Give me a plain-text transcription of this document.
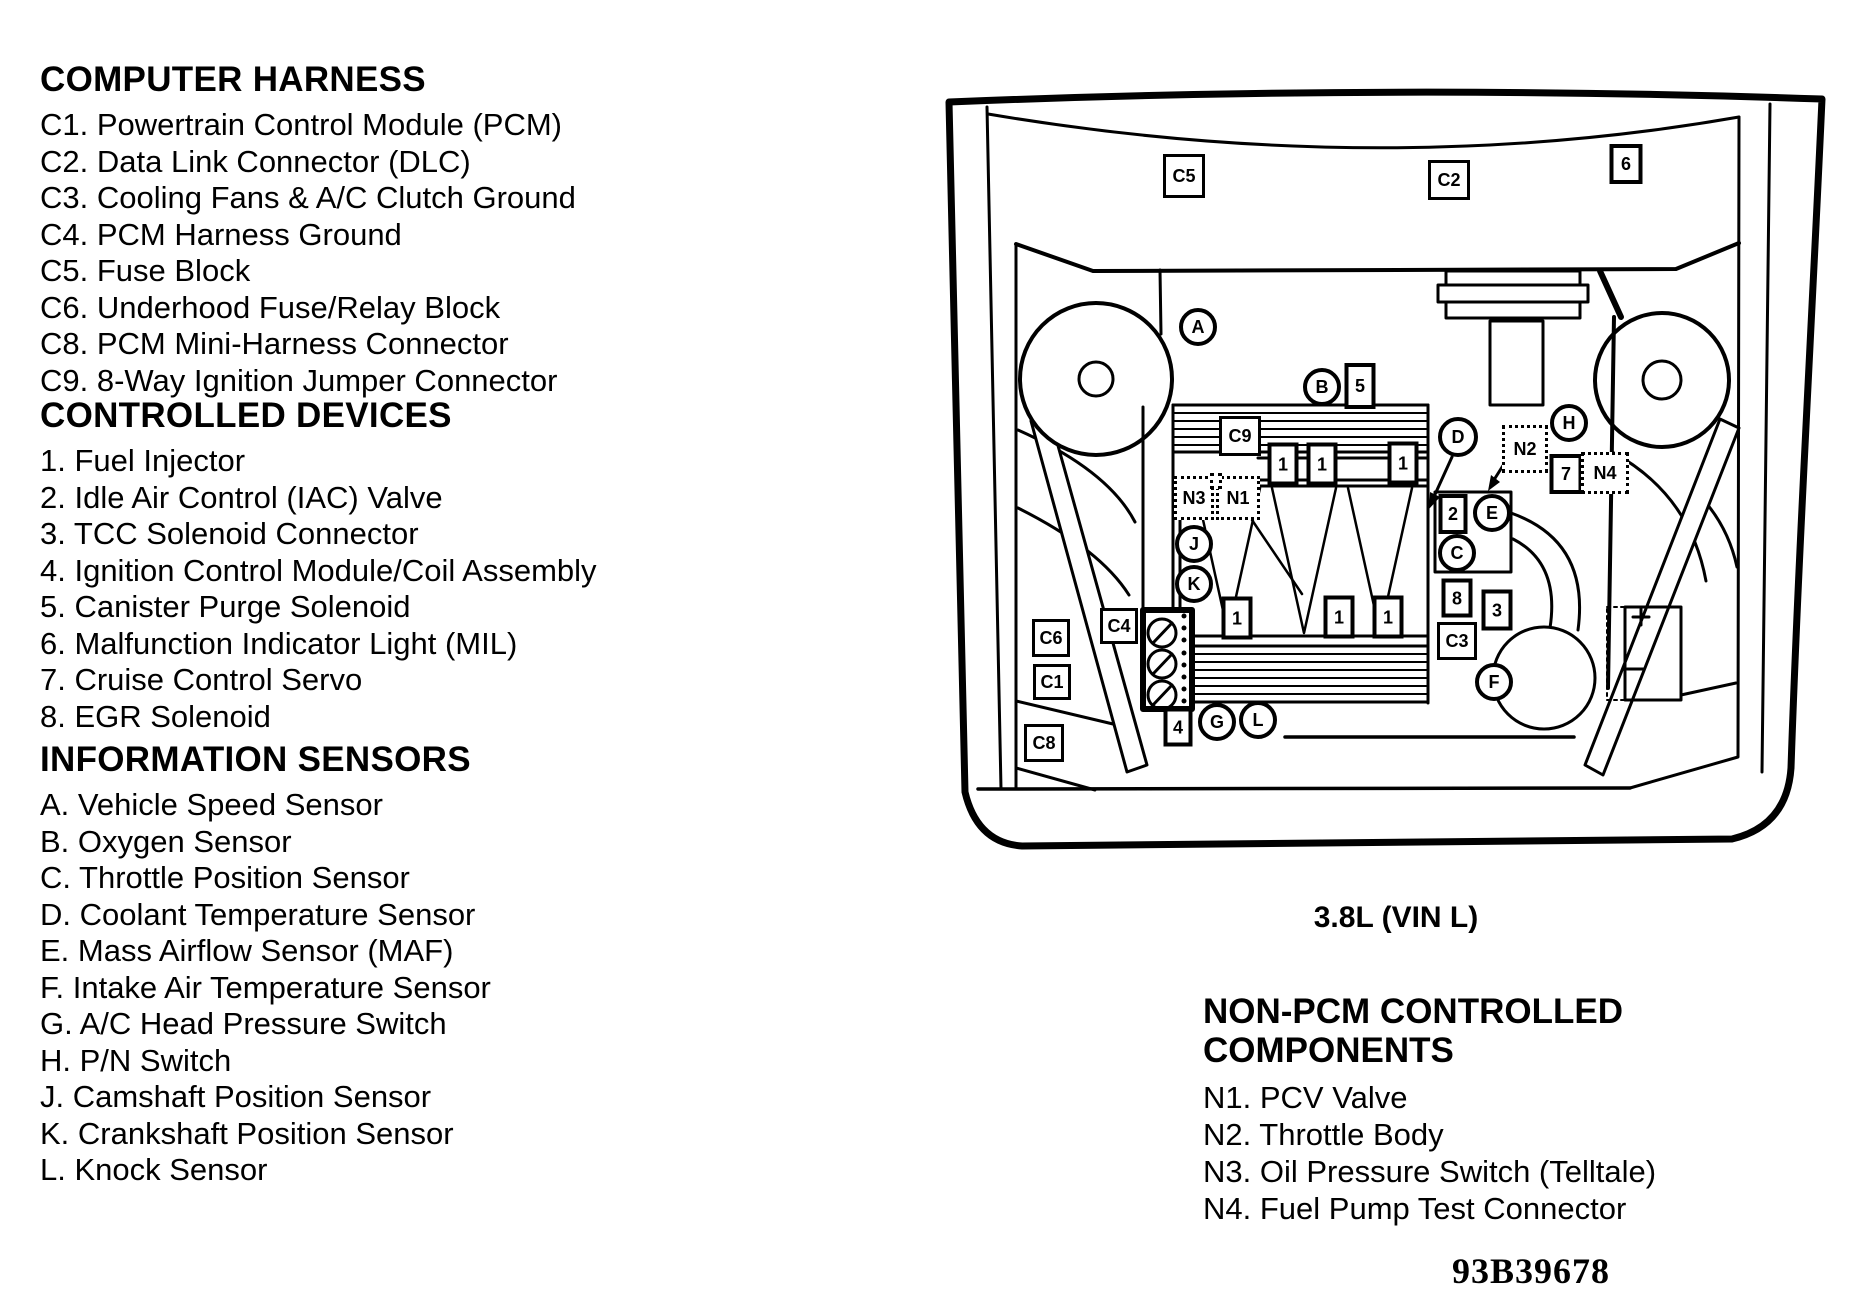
COMPUTER HARNESS
C1. Powertrain Control Module (PCM)
C2. Data Link Connector (DLC)
C3. Cooling Fans & A/C Clutch Ground
C4. PCM Harness Ground
C5. Fuse Block
C6. Underhood Fuse/Relay Block
C8. PCM Mini-Harness Connector
C9. 8-Way Ignition Jumper Connector
CONTROLLED DEVICES
1. Fuel Injector
2. Idle Air Control (IAC) Valve
3. TCC Solenoid Connector
4. Ignition Control Module/Coil Assembly
5. Canister Purge Solenoid
6. Malfunction Indicator Light (MIL)
7. Cruise Control Servo
8. EGR Solenoid
INFORMATION SENSORS
A. Vehicle Speed Sensor
B. Oxygen Sensor
C. Throttle Position Sensor
D. Coolant Temperature Sensor
E. Mass Airflow Sensor (MAF)
F. Intake Air Temperature Sensor
G. A/C Head Pressure Switch
H. P/N Switch
J. Camshaft Position Sensor
K. Crankshaft Position Sensor
L. Knock Sensor
C5	C2
6
A
B	5
C9	D
H
N2
7	N4
1	1	1
N3	N1
2	E
C
J
K
8
3
C3
1	1	1
F
C4
C6
C1
C8
4	G	L
3.8L (VIN L)
NON-PCM CONTROLLED
COMPONENTS
N1. PCV Valve
N2. Throttle Body
N3. Oil Pressure Switch (Telltale)
N4. Fuel Pump Test Connector
93B39678
